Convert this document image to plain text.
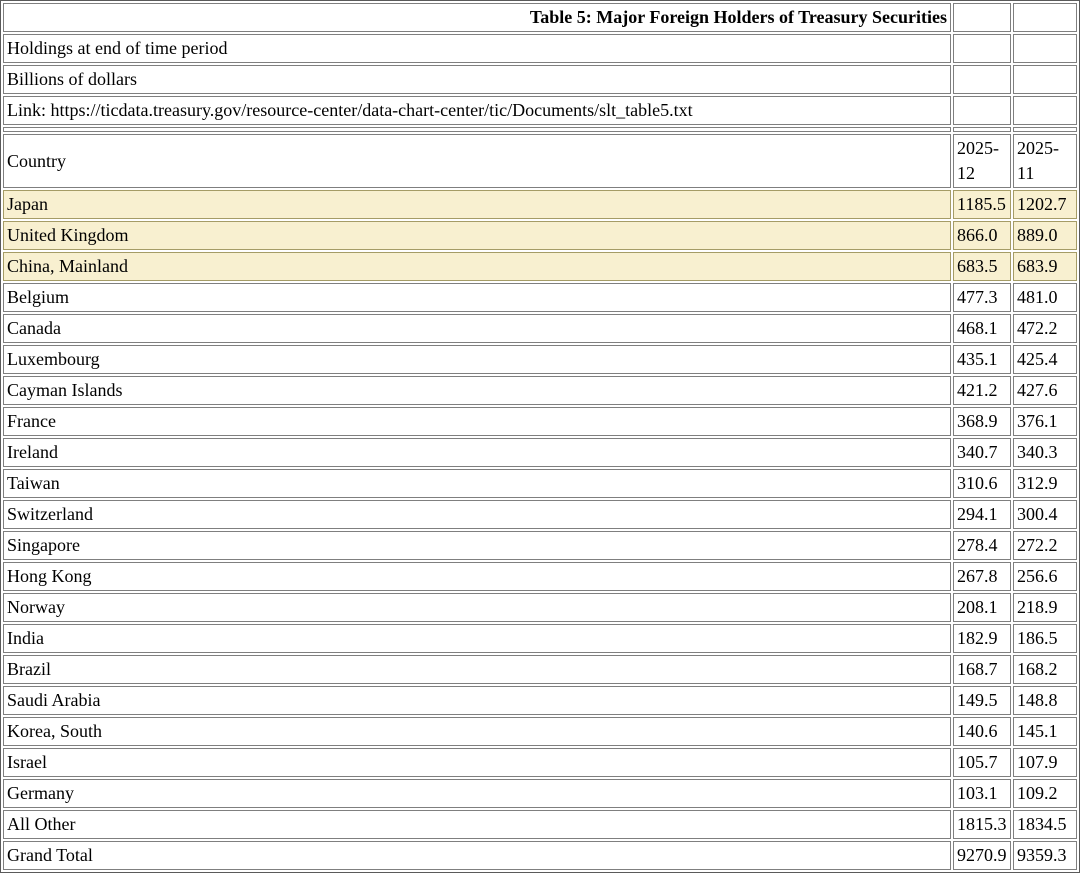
Table 5: Major Foreign Holders of Treasury Securities		
Holdings at end of time period		
Billions of dollars		
Link: https://ticdata.treasury.gov/resource-center/data-chart-center/tic/Documents/slt_table5.txt		

Country	2025-12	2025-11
Japan	1185.5	1202.7
United Kingdom	866.0	889.0
China, Mainland	683.5	683.9
Belgium	477.3	481.0
Canada	468.1	472.2
Luxembourg	435.1	425.4
Cayman Islands	421.2	427.6
France	368.9	376.1
Ireland	340.7	340.3
Taiwan	310.6	312.9
Switzerland	294.1	300.4
Singapore	278.4	272.2
Hong Kong	267.8	256.6
Norway	208.1	218.9
India	182.9	186.5
Brazil	168.7	168.2
Saudi Arabia	149.5	148.8
Korea, South	140.6	145.1
Israel	105.7	107.9
Germany	103.1	109.2
All Other	1815.3	1834.5
Grand Total	9270.9	9359.3
